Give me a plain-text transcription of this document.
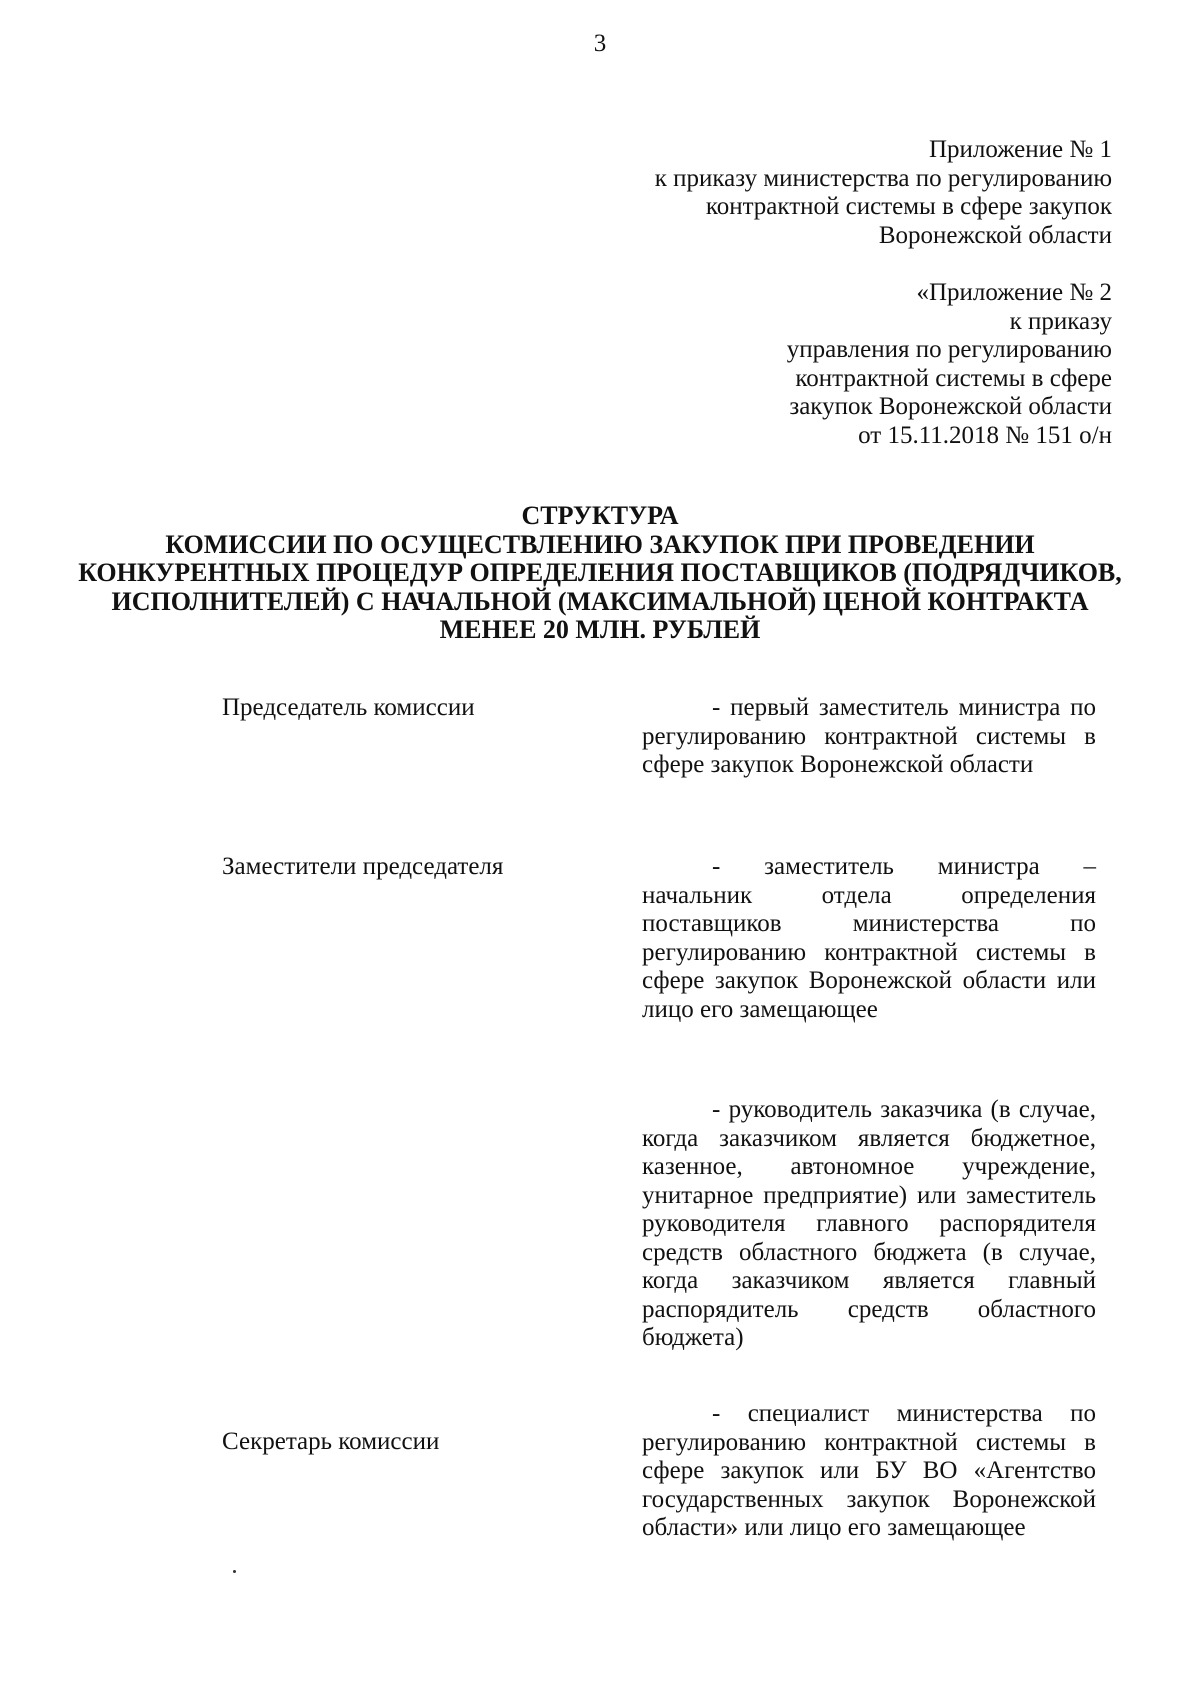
3
Приложение № 1
к приказу министерства по регулированию
контрактной системы в сфере закупок
Воронежской области
«Приложение № 2
к приказу
управления по регулированию
контрактной системы в сфере
закупок Воронежской области
от 15.11.2018 № 151 о/н
СТРУКТУРА
КОМИССИИ ПО ОСУЩЕСТВЛЕНИЮ ЗАКУПОК ПРИ ПРОВЕДЕНИИ
КОНКУРЕНТНЫХ ПРОЦЕДУР ОПРЕДЕЛЕНИЯ ПОСТАВЩИКОВ (ПОДРЯДЧИКОВ,
ИСПОЛНИТЕЛЕЙ) С НАЧАЛЬНОЙ (МАКСИМАЛЬНОЙ) ЦЕНОЙ КОНТРАКТА
МЕНЕЕ 20 МЛН. РУБЛЕЙ
Председатель комиссии	- первый заместитель министра по регулированию контрактной системы в сфере закупок Воронежской области
Заместители председателя	- заместитель министра – начальник отдела определения поставщиков министерства по регулированию контрактной системы в сфере закупок Воронежской области или лицо его замещающее
- руководитель заказчика (в случае, когда заказчиком является бюджетное, казенное, автономное учреждение, унитарное предприятие) или заместитель руководителя главного распорядителя средств областного бюджета (в случае, когда заказчиком является главный распорядитель средств областного бюджета)
Секретарь комиссии
- специалист министерства по регулированию контрактной системы в сфере закупок или БУ ВО «Агентство государственных закупок Воронежской области» или лицо его замещающее
